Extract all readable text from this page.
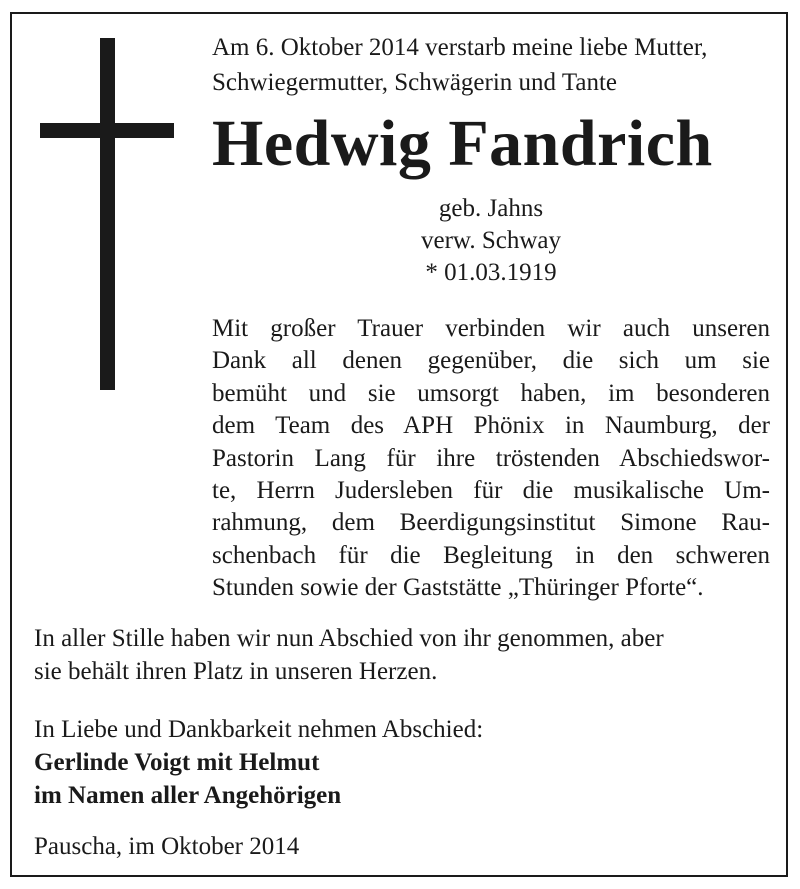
Am 6. Oktober 2014 verstarb meine liebe Mutter,
Schwiegermutter, Schwägerin und Tante
Hedwig Fandrich
geb. Jahns
verw. Schway
* 01.03.1919
Mit großer Trauer verbinden wir auch unseren
Dank all denen gegenüber, die sich um sie
bemüht und sie umsorgt haben, im besonderen
dem Team des APH Phönix in Naumburg, der
Pastorin Lang für ihre tröstenden Abschiedswor-
te, Herrn Judersleben für die musikalische Um-
rahmung, dem Beerdigungsinstitut Simone Rau-
schenbach für die Begleitung in den schweren
Stunden sowie der Gaststätte „Thüringer Pforte“.
In aller Stille haben wir nun Abschied von ihr genommen, aber
sie behält ihren Platz in unseren Herzen.
In Liebe und Dankbarkeit nehmen Abschied:
Gerlinde Voigt mit Helmut
im Namen aller Angehörigen
Pauscha, im Oktober 2014
